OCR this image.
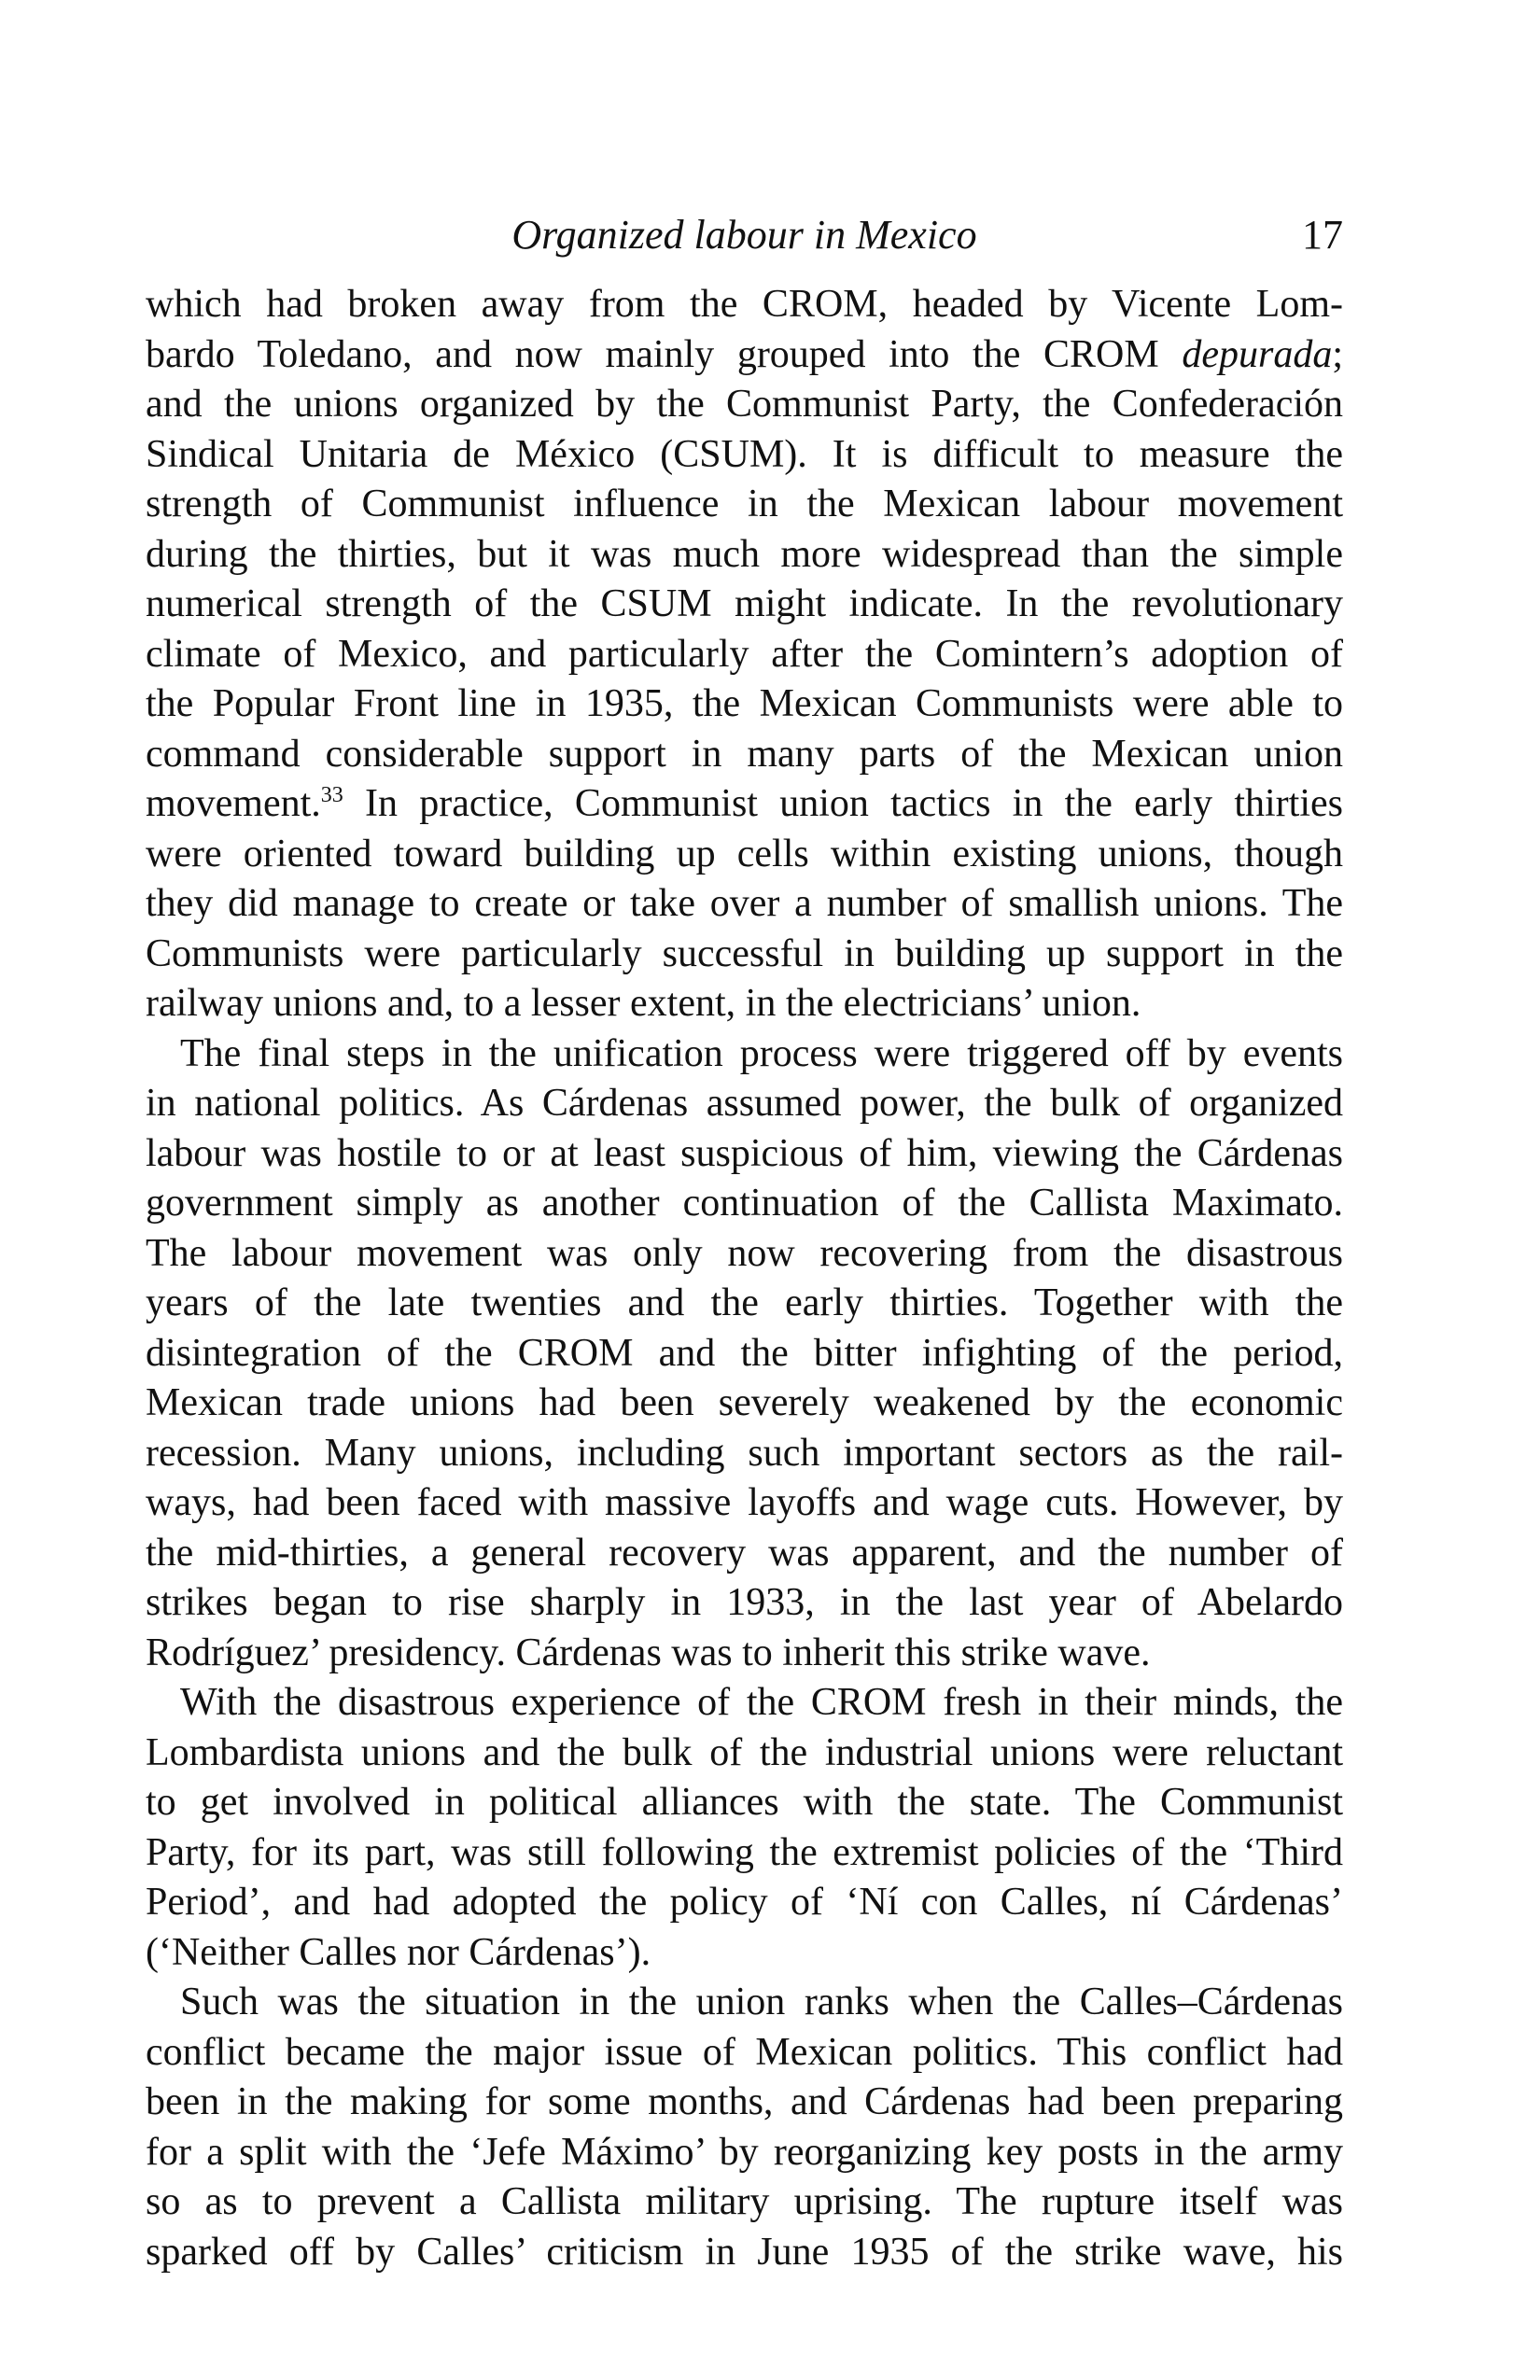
Organized labour in Mexico	17
which had broken away from the CROM, headed by Vicente Lom-
bardo Toledano, and now mainly grouped into the CROM depurada;
and the unions organized by the Communist Party, the Confederación
Sindical Unitaria de México (CSUM). It is difficult to measure the
strength of Communist influence in the Mexican labour movement
during the thirties, but it was much more widespread than the simple
numerical strength of the CSUM might indicate. In the revolutionary
climate of Mexico, and particularly after the Comintern’s adoption of
the Popular Front line in 1935, the Mexican Communists were able to
command considerable support in many parts of the Mexican union
movement.$^{33}$ In practice, Communist union tactics in the early thirties
were oriented toward building up cells within existing unions, though
they did manage to create or take over a number of smallish unions. The
Communists were particularly successful in building up support in the
railway unions and, to a lesser extent, in the electricians’ union.
The final steps in the unification process were triggered off by events
in national politics. As Cárdenas assumed power, the bulk of organized
labour was hostile to or at least suspicious of him, viewing the Cárdenas
government simply as another continuation of the Callista Maximato.
The labour movement was only now recovering from the disastrous
years of the late twenties and the early thirties. Together with the
disintegration of the CROM and the bitter infighting of the period,
Mexican trade unions had been severely weakened by the economic
recession. Many unions, including such important sectors as the rail-
ways, had been faced with massive layoffs and wage cuts. However, by
the mid-thirties, a general recovery was apparent, and the number of
strikes began to rise sharply in 1933, in the last year of Abelardo
Rodríguez’ presidency. Cárdenas was to inherit this strike wave.
With the disastrous experience of the CROM fresh in their minds, the
Lombardista unions and the bulk of the industrial unions were reluctant
to get involved in political alliances with the state. The Communist
Party, for its part, was still following the extremist policies of the ‘Third
Period’, and had adopted the policy of ‘Ní con Calles, ní Cárdenas’
(‘Neither Calles nor Cárdenas’).
Such was the situation in the union ranks when the Calles–Cárdenas
conflict became the major issue of Mexican politics. This conflict had
been in the making for some months, and Cárdenas had been preparing
for a split with the ‘Jefe Máximo’ by reorganizing key posts in the army
so as to prevent a Callista military uprising. The rupture itself was
sparked off by Calles’ criticism in June 1935 of the strike wave, his
